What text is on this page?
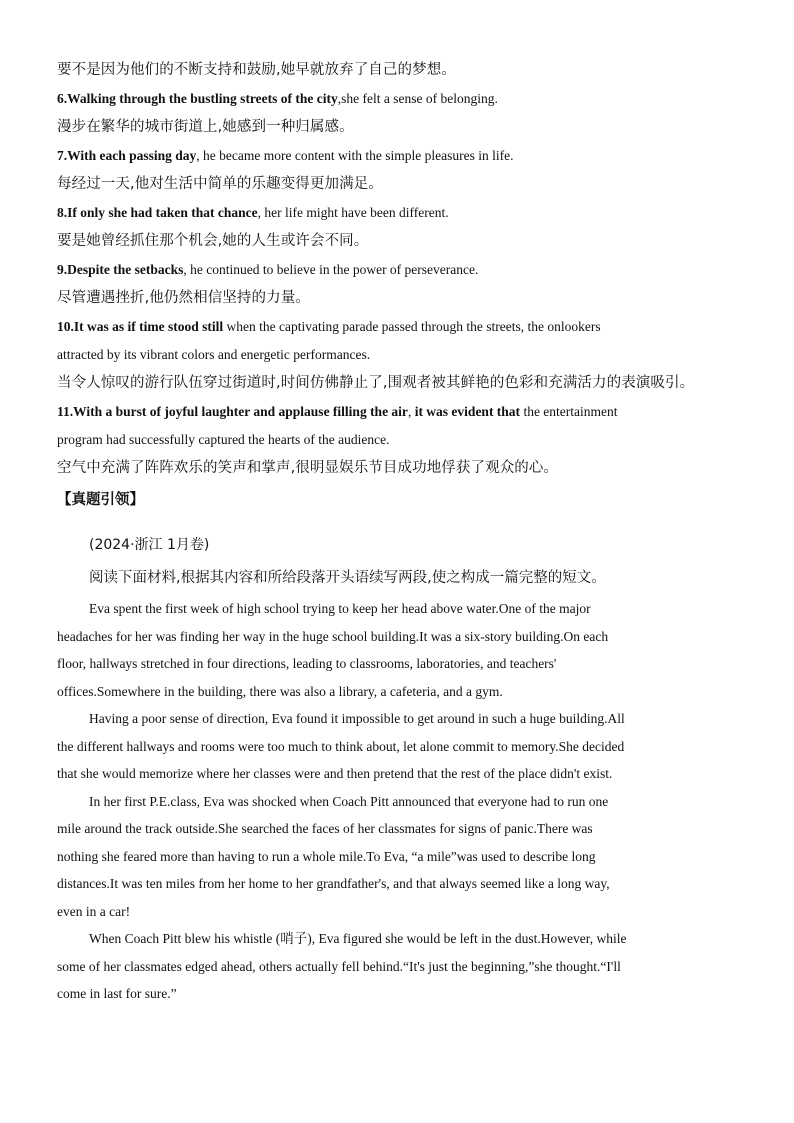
要不是因为他们的不断支持和鼓励,她早就放弃了自己的梦想。

6.Walking through the bustling streets of the city,she felt a sense of belonging.

漫步在繁华的城市街道上,她感到一种归属感。

7.With each passing day, he became more content with the simple pleasures in life.

每经过一天,他对生活中简单的乐趣变得更加满足。

8.If only she had taken that chance, her life might have been different.

要是她曾经抓住那个机会,她的人生或许会不同。

9.Despite the setbacks, he continued to believe in the power of perseverance.

尽管遭遇挫折,他仍然相信坚持的力量。

10.It was as if time stood still when the captivating parade passed through the streets, the onlookers

attracted by its vibrant colors and energetic performances.

当令人惊叹的游行队伍穿过街道时,时间仿佛静止了,围观者被其鲜艳的色彩和充满活力的表演吸引。

11.With a burst of joyful laughter and applause filling the air, it was evident that the entertainment

program had successfully captured the hearts of the audience.

空气中充满了阵阵欢乐的笑声和掌声,很明显娱乐节目成功地俘获了观众的心。

【真题引领】

(2024·浙江 1月卷)

阅读下面材料,根据其内容和所给段落开头语续写两段,使之构成一篇完整的短文。

Eva spent the first week of high school trying to keep her head above water.One of the major
headaches for her was finding her way in the huge school building.It was a six-story building.On each
floor, hallways stretched in four directions, leading to classrooms, laboratories, and teachers'
offices.Somewhere in the building, there was also a library, a cafeteria, and a gym.
Having a poor sense of direction, Eva found it impossible to get around in such a huge building.All
the different hallways and rooms were too much to think about, let alone commit to memory.She decided
that she would memorize where her classes were and then pretend that the rest of the place didn't exist.
In her first P.E.class, Eva was shocked when Coach Pitt announced that everyone had to run one
mile around the track outside.She searched the faces of her classmates for signs of panic.There was
nothing she feared more than having to run a whole mile.To Eva, “a mile”was used to describe long
distances.It was ten miles from her home to her grandfather's, and that always seemed like a long way,
even in a car!
When Coach Pitt blew his whistle (哨子), Eva figured she would be left in the dust.However, while
some of her classmates edged ahead, others actually fell behind.“It's just the beginning,”she thought.“I'll
come in last for sure.”
